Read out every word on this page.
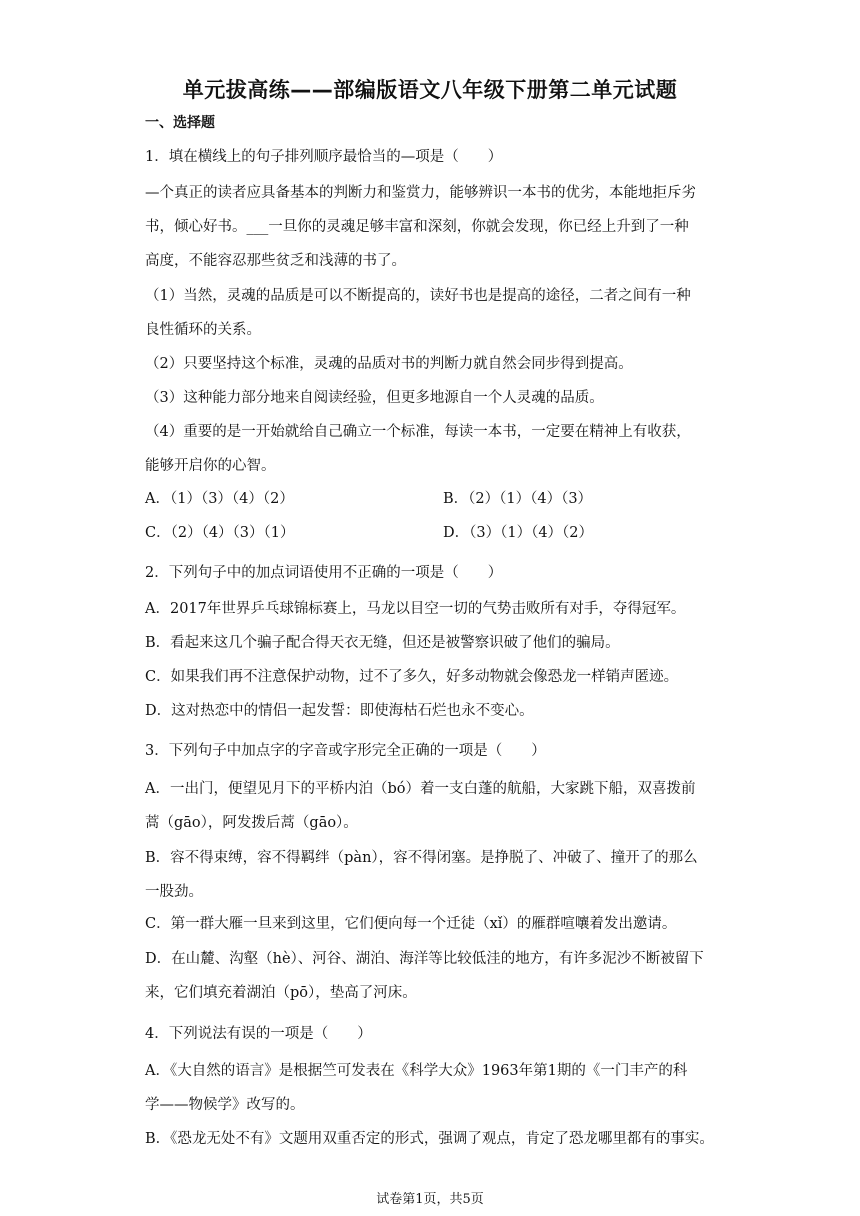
单元拔高练——部编版语文八年级下册第二单元试题
一、选择题
1．填在横线上的句子排列顺序最恰当的—项是（　　）
—个真正的读者应具备基本的判断力和鉴赏力，能够辨识一本书的优劣，本能地拒斥劣
书，倾心好书。___一旦你的灵魂足够丰富和深刻，你就会发现，你已经上升到了一种
高度，不能容忍那些贫乏和浅薄的书了。
（1）当然，灵魂的品质是可以不断提高的，读好书也是提高的途径，二者之间有一种
良性循环的关系。
（2）只要坚持这个标准，灵魂的品质对书的判断力就自然会同步得到提高。
（3）这种能力部分地来自阅读经验，但更多地源自一个人灵魂的品质。
（4）重要的是一开始就给自己确立一个标准，每读一本书，一定要在精神上有收获，
能够开启你的心智。
A．（1）（3）（4）（2）	B．（2）（1）（4）（3）
C．（2）（4）（3）（1）	D．（3）（1）（4）（2）
2．下列句子中的加点词语使用不正确的一项是（　　）
A．2017年世界乒乓球锦标赛上，马龙以目空一切的气势击败所有对手，夺得冠军。
B．看起来这几个骗子配合得天衣无缝，但还是被警察识破了他们的骗局。
C．如果我们再不注意保护动物，过不了多久，好多动物就会像恐龙一样销声匿迹。
D．这对热恋中的情侣一起发誓：即使海枯石烂也永不变心。
3．下列句子中加点字的字音或字形完全正确的一项是（　　）
A．一出门，便望见月下的平桥内泊（bó）着一支白蓬的航船，大家跳下船，双喜拨前
蒿（gāo），阿发拨后蒿（gāo）。
B．容不得束缚，容不得羁绊（pàn），容不得闭塞。是挣脱了、冲破了、撞开了的那么
一股劲。
C．第一群大雁一旦来到这里，它们便向每一个迁徒（xǐ）的雁群喧嚷着发出邀请。
D．在山麓、沟壑（hè）、河谷、湖泊、海洋等比较低洼的地方，有许多泥沙不断被留下
来，它们填充着湖泊（pō），垫高了河床。
4．下列说法有误的一项是（　　）
A．《大自然的语言》是根据竺可发表在《科学大众》1963年第1期的《一门丰产的科
学——物候学》改写的。
B．《恐龙无处不有》文题用双重否定的形式，强调了观点，肯定了恐龙哪里都有的事实。
试卷第1页，共5页
